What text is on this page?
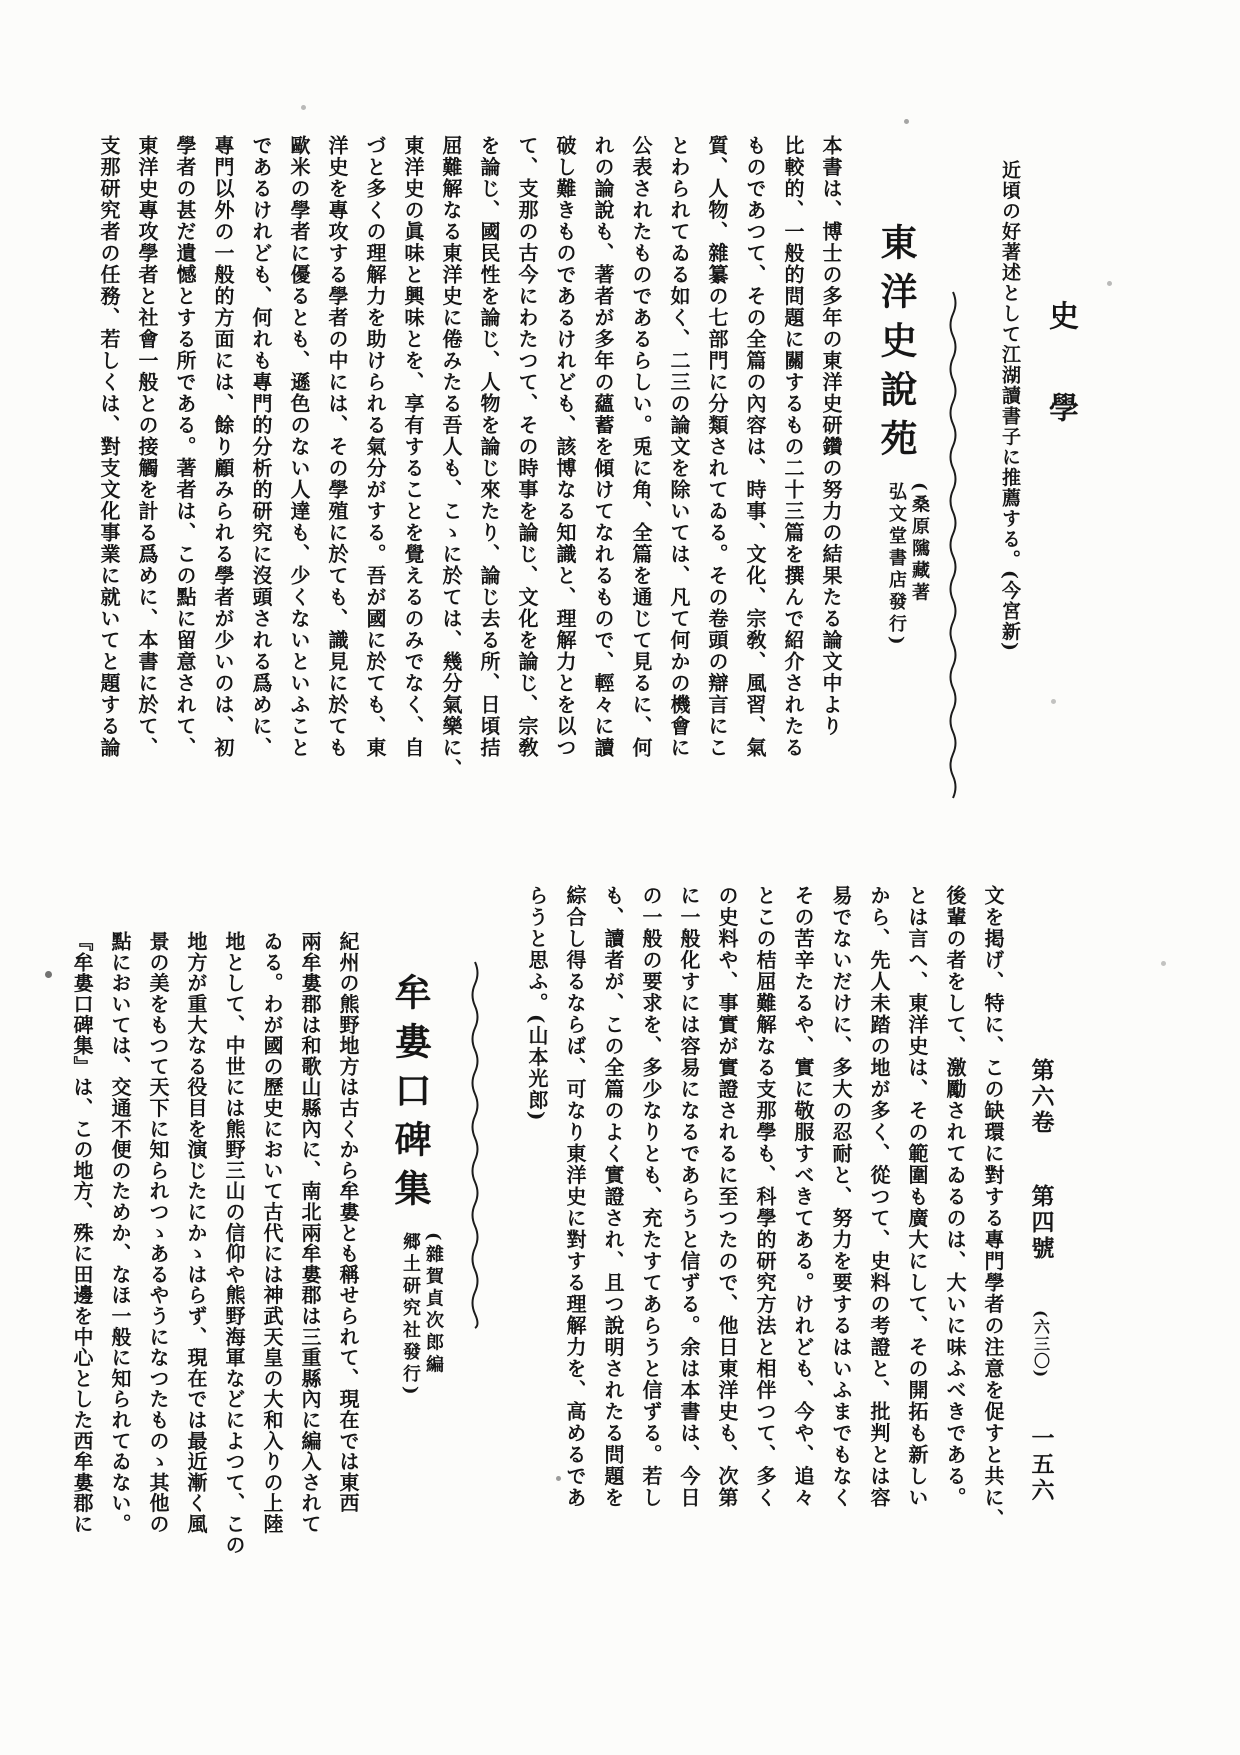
史學
近頃の好著述として江湖讀書子に推薦する。(今宮新)
東洋史說苑
(桑原隲藏著
弘文堂書店發行)
本書は、博士の多年の東洋史研鑽の努力の結果たる論文中より
比較的、一般的問題に關するもの二十三篇を撰んで紹介されたる
ものであつて、その全篇の內容は、時事、文化、宗敎、風習、氣
質、人物、雜纂の七部門に分類されてゐる。その卷頭の辯言にこ
とわられてゐる如く、二三の論文を除いては、凡て何かの機會に
公表されたものであるらしい。兎に角、全篇を通じて見るに、何
れの論說も、著者が多年の蘊蓄を傾けてなれるもので、輕々に讀
破し難きものであるけれども、該博なる知識と、理解力とを以つ
て、支那の古今にわたつて、その時事を論じ、文化を論じ、宗敎
を論じ、國民性を論じ、人物を論じ來たり、論じ去る所、日頃拮
屈難解なる東洋史に倦みたる吾人も、こゝに於ては、幾分氣樂に、
東洋史の眞味と興味とを、享有することを覺えるのみでなく、自
づと多くの理解力を助けられる氣分がする。吾が國に於ても、東
洋史を專攻する學者の中には、その學殖に於ても、識見に於ても
歐米の學者に優るとも、遜色のない人達も、少くないといふこと
であるけれども、何れも專門的分析的研究に沒頭される爲めに、
專門以外の一般的方面には、餘り顧みられる學者が少いのは、初
學者の甚だ遺憾とする所である。著者は、この點に留意されて、
東洋史專攻學者と社會一般との接觸を計る爲めに、本書に於て、
支那研究者の任務、若しくは、對支文化事業に就いてと題する論
文を掲げ、特に、この缺環に對する專門學者の注意を促すと共に、
後輩の者をして、激勵されてゐるのは、大いに味ふべきである。
とは言へ、東洋史は、その範圍も廣大にして、その開拓も新しい
から、先人未踏の地が多く、從つて、史料の考證と、批判とは容
易でないだけに、多大の忍耐と、努力を要するはいふまでもなく
その苦辛たるや、實に敬服すべきてある。けれども、今や、追々
とこの桔屈難解なる支那學も、科學的研究方法と相伴つて、多く
の史料や、事實が實證されるに至つたので、他日東洋史も、次第
に一般化すには容易になるであらうと信ずる。余は本書は、今日
の一般の要求を、多少なりとも、充たすてあらうと信ずる。若し
も、讀者が、この全篇のよく實證され、且つ說明されたる問題を
綜合し得るならば、可なり東洋史に對する理解力を、高めるであ
らうと思ふ。(山本光郎)
牟婁口碑集
(雜賀貞次郎編
郷土研究社發行)
紀州の熊野地方は古くから牟婁とも稱せられて、現在では東西
兩牟婁郡は和歌山縣內に、南北兩牟婁郡は三重縣內に編入されて
ゐる。わが國の歷史において古代には神武天皇の大和入りの上陸
地として、中世には熊野三山の信仰や熊野海軍などによつて、この
地方が重大なる役目を演じたにかゝはらず、現在では最近漸く風
景の美をもつて天下に知られつゝあるやうになつたものゝ其他の
點においては、交通不便のためか、なほ一般に知られてゐない。
『牟婁口碑集』は、この地方、殊に田邊を中心とした西牟婁郡に	第六卷
第四號
(六三〇)
一五六
